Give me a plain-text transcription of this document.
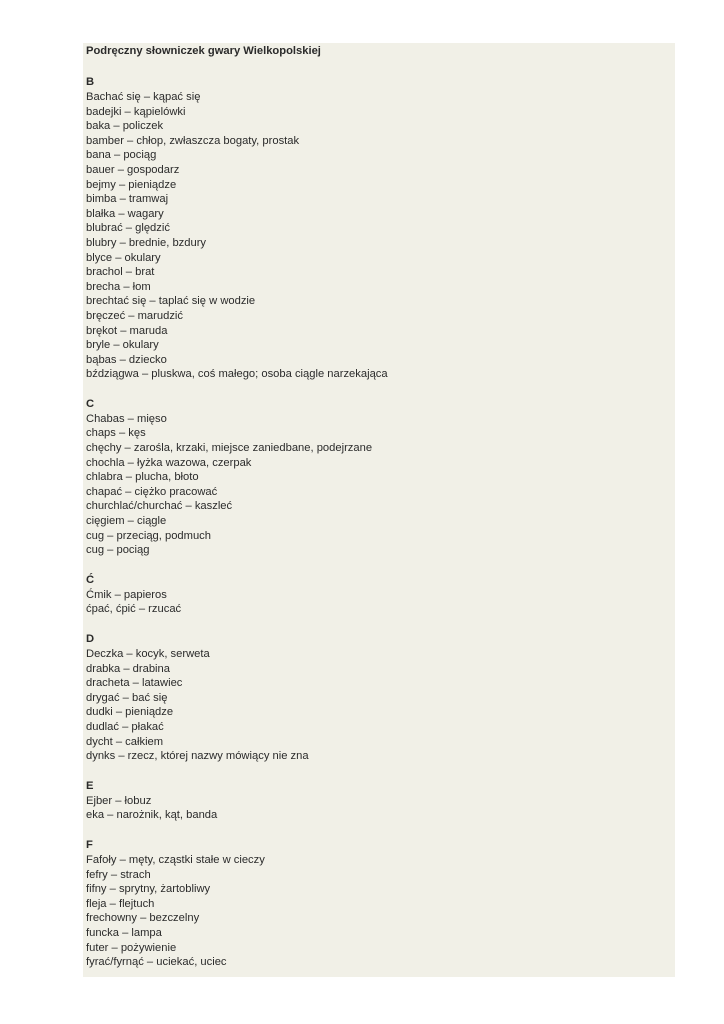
Podręczny słowniczek gwary Wielkopolskiej
B
Bachać się – kąpać się
badejki – kąpielówki
baka – policzek
bamber – chłop, zwłaszcza bogaty, prostak
bana – pociąg
bauer – gospodarz
bejmy – pieniądze
bimba – tramwaj
blałka – wagary
blubrać – ględzić
blubry – brednie, bzdury
blyce – okulary
brachol – brat
brecha – łom
brechtać się – taplać się w wodzie
bręczeć – marudzić
brękot – maruda
bryle – okulary
bąbas – dziecko
bździągwa – pluskwa, coś małego; osoba ciągle narzekająca
C
Chabas – mięso
chaps – kęs
chęchy – zarośla, krzaki, miejsce zaniedbane, podejrzane
chochla – łyżka wazowa, czerpak
chlabra – plucha, błoto
chapać – ciężko pracować
churchlać/churchać – kaszleć
cięgiem – ciągle
cug – przeciąg, podmuch
cug – pociąg
Ć
Ćmik – papieros
ćpać, ćpić – rzucać
D
Deczka – kocyk, serweta
drabka – drabina
dracheta – latawiec
drygać – bać się
dudki – pieniądze
dudlać – płakać
dycht – całkiem
dynks – rzecz, której nazwy mówiący nie zna
E
Ejber – łobuz
eka – narożnik, kąt, banda
F
Fafoły – męty, cząstki stałe w cieczy
fefry – strach
fifny – sprytny, żartobliwy
fleja – flejtuch
frechowny – bezczelny
funcka – lampa
futer – pożywienie
fyrać/fyrnąć – uciekać, uciec
